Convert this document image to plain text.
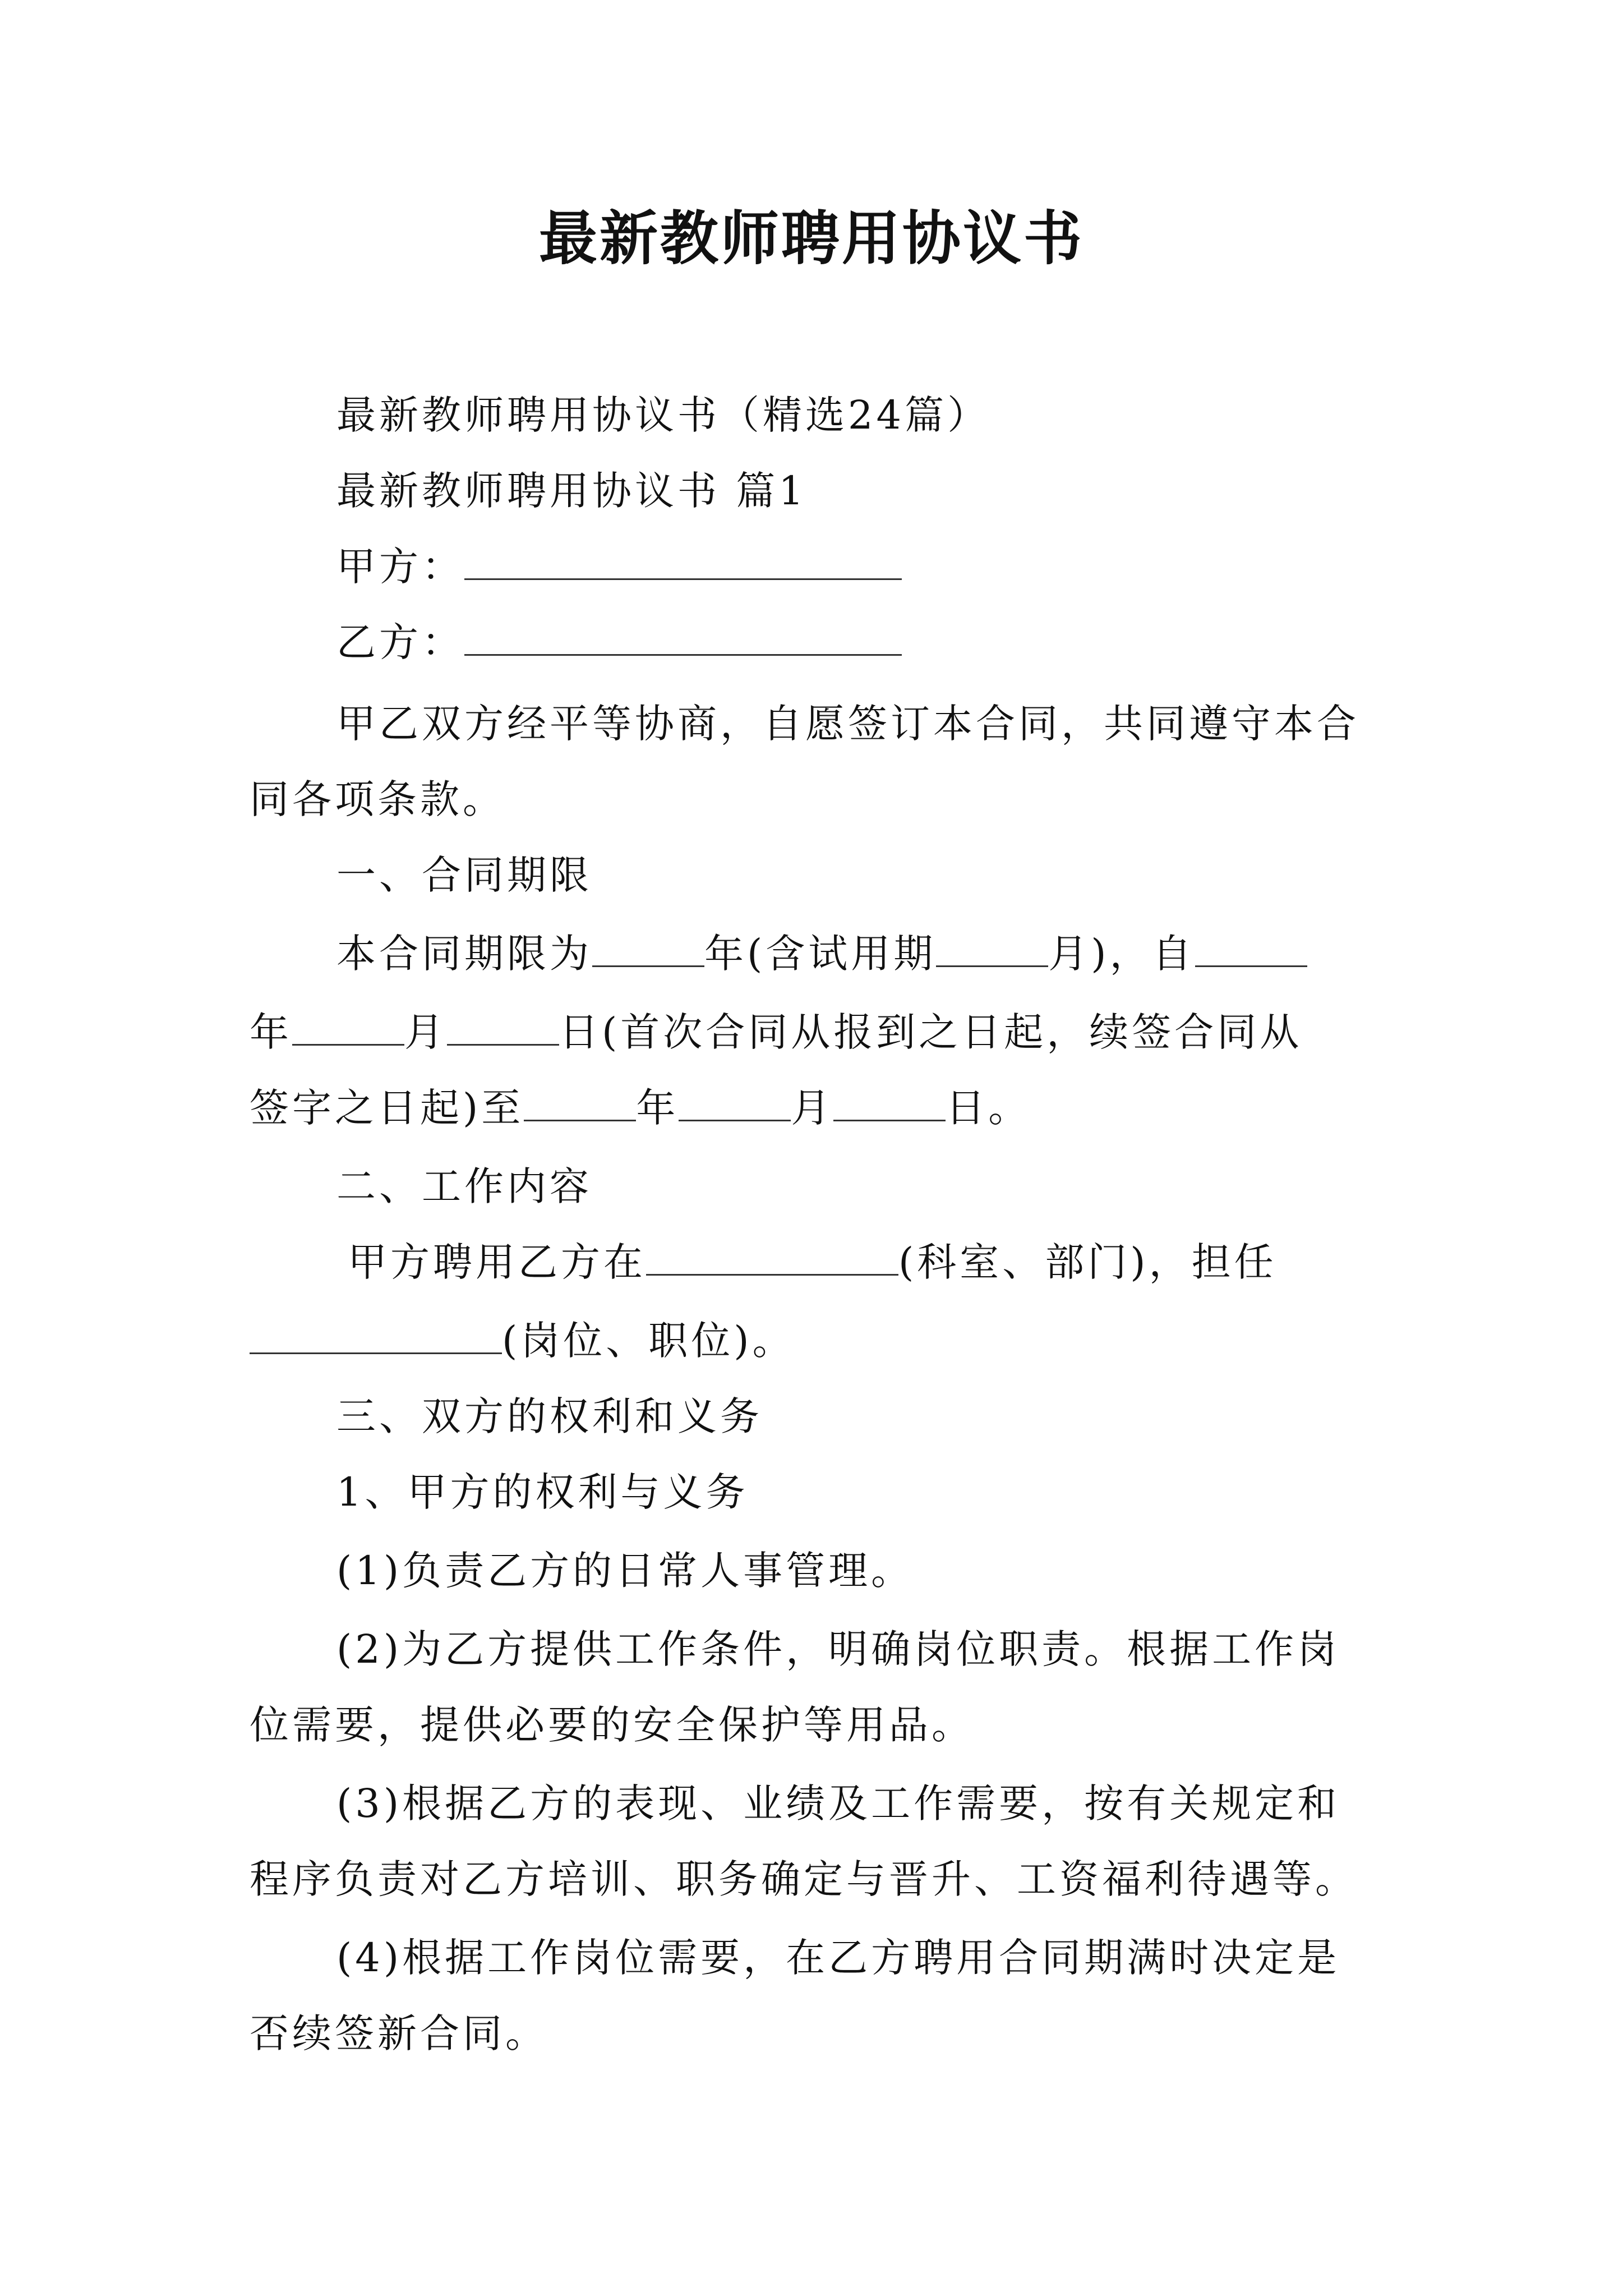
最新教师聘用协议书
最新教师聘用协议书（精选24篇）
最新教师聘用协议书 篇1
甲方：
乙方：
甲乙双方经平等协商，自愿签订本合同，共同遵守本合
同各项条款。
一、合同期限
本合同期限为	年(含试用期	月)，自
年	月	日(首次合同从报到之日起，续签合同从
签字之日起)至	年	月	日。
二、工作内容
甲方聘用乙方在	(科室、部门)，担任
(岗位、职位)。
三、双方的权利和义务
1、甲方的权利与义务
(1)负责乙方的日常人事管理。
(2)为乙方提供工作条件，明确岗位职责。根据工作岗
位需要，提供必要的安全保护等用品。
(3)根据乙方的表现、业绩及工作需要，按有关规定和
程序负责对乙方培训、职务确定与晋升、工资福利待遇等。
(4)根据工作岗位需要，在乙方聘用合同期满时决定是
否续签新合同。
